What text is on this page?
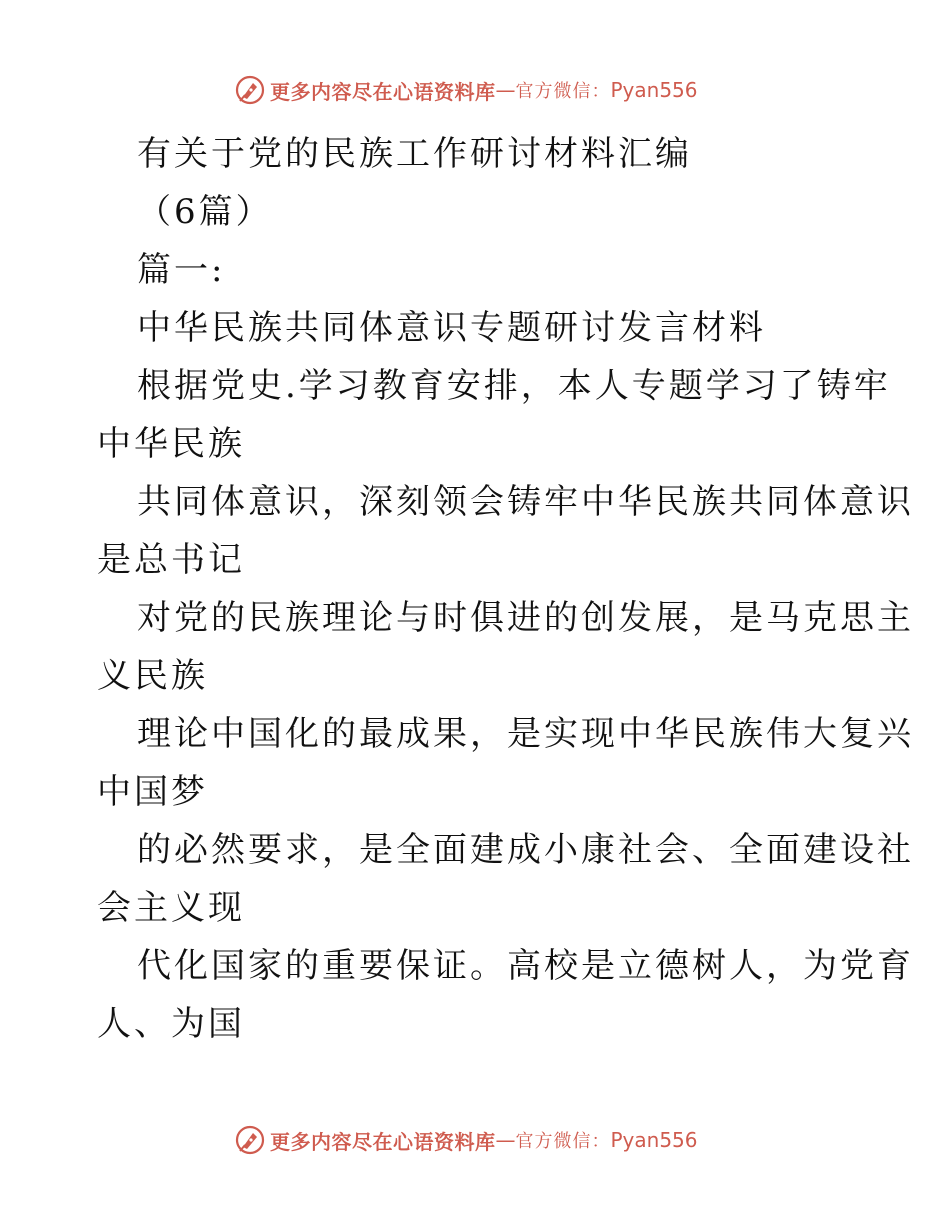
更多内容尽在心语资料库 — 官方微信： Pyan556
有关于党的民族工作研讨材料汇编
（6篇）
篇一:
中华民族共同体意识专题研讨发言材料
根据党史.学习教育安排，本人专题学习了铸牢
中华民族
共同体意识，深刻领会铸牢中华民族共同体意识
是总书记
对党的民族理论与时俱进的创发展，是马克思主
义民族
理论中国化的最成果，是实现中华民族伟大复兴
中国梦
的必然要求，是全面建成小康社会、全面建设社
会主义现
代化国家的重要保证。高校是立德树人，为党育
人、为国
更多内容尽在心语资料库 — 官方微信： Pyan556
